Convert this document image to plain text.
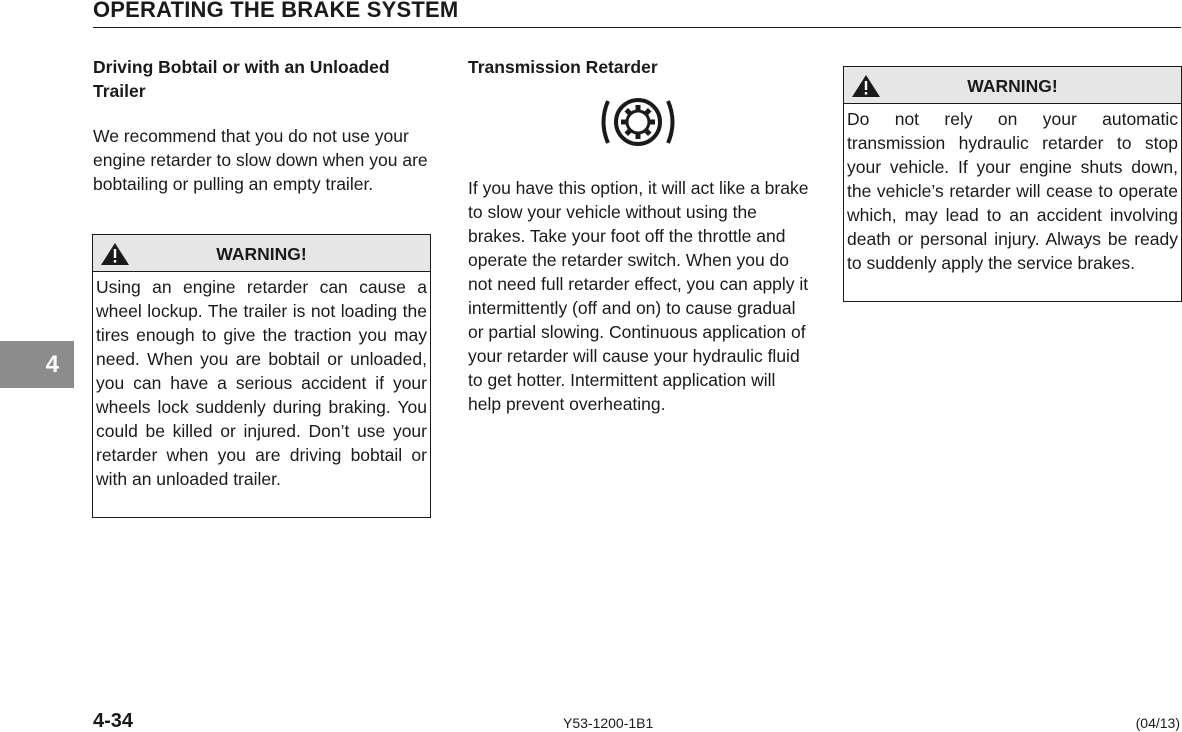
OPERATING THE BRAKE SYSTEM
4
Driving Bobtail or with an Unloaded Trailer

We recommend that you do not use your engine retarder to slow down when you are bobtailing or pulling an empty trailer.

WARNING!
Using an engine retarder can cause a wheel lockup. The trailer is not loading the tires enough to give the traction you may need. When you are bobtail or unloaded, you can have a serious accident if your wheels lock suddenly during braking. You could be killed or injured. Don’t use your retarder when you are driving bobtail or with an unloaded trailer.
Transmission Retarder

If you have this option, it will act like a brake to slow your vehicle without using the brakes. Take your foot off the throttle and operate the retarder switch. When you do not need full retarder effect, you can apply it intermittently (off and on) to cause gradual or partial slowing. Continuous application of your retarder will cause your hydraulic fluid to get hotter. Intermittent application will help prevent overheating.

WARNING!
Do not rely on your automatic transmission hydraulic retarder to stop your vehicle. If your engine shuts down, the vehicle’s retarder will cease to operate which, may lead to an accident involving death or personal injury. Always be ready to suddenly apply the service brakes.
4-34	Y53-1200-1B1	(04/13)
